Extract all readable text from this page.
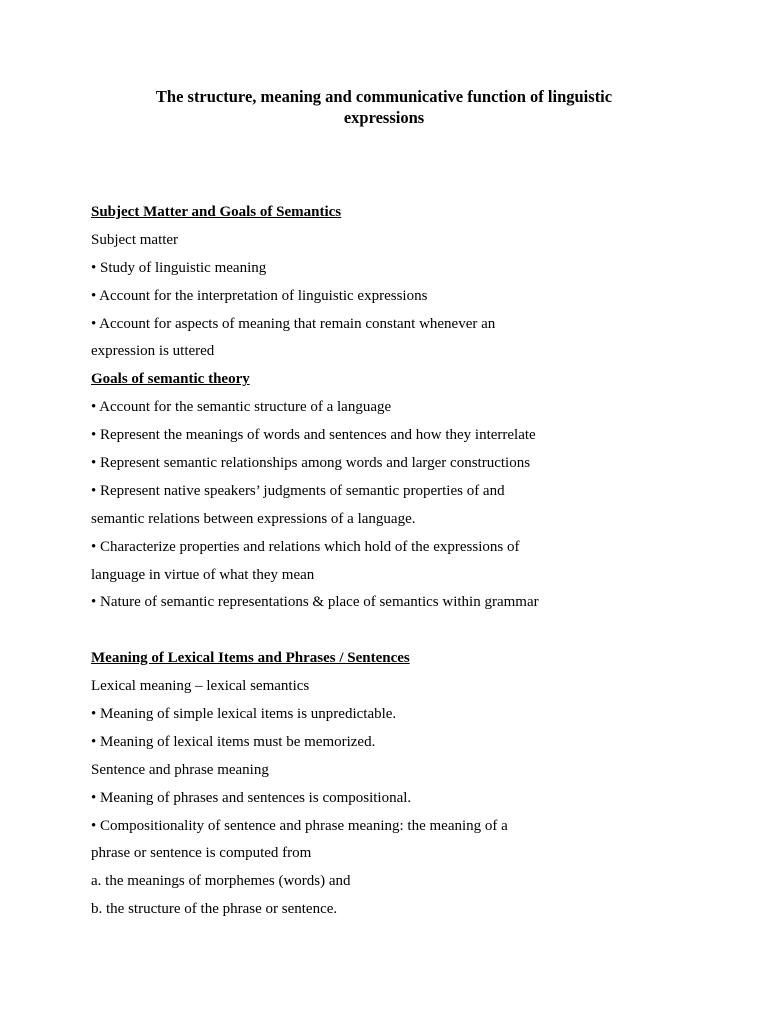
The structure, meaning and communicative function of linguistic expressions
Subject Matter and Goals of Semantics
Subject matter
• Study of linguistic meaning
• Account for the interpretation of linguistic expressions
• Account for aspects of meaning that remain constant whenever an
expression is uttered
Goals of semantic theory
• Account for the semantic structure of a language
• Represent the meanings of words and sentences and how they interrelate
• Represent semantic relationships among words and larger constructions
• Represent native speakers’ judgments of semantic properties of and
semantic relations between expressions of a language.
• Characterize properties and relations which hold of the expressions of
language in virtue of what they mean
• Nature of semantic representations & place of semantics within grammar
Meaning of Lexical Items and Phrases / Sentences
Lexical meaning – lexical semantics
• Meaning of simple lexical items is unpredictable.
• Meaning of lexical items must be memorized.
Sentence and phrase meaning
• Meaning of phrases and sentences is compositional.
• Compositionality of sentence and phrase meaning: the meaning of a
phrase or sentence is computed from
a. the meanings of morphemes (words) and
b. the structure of the phrase or sentence.
